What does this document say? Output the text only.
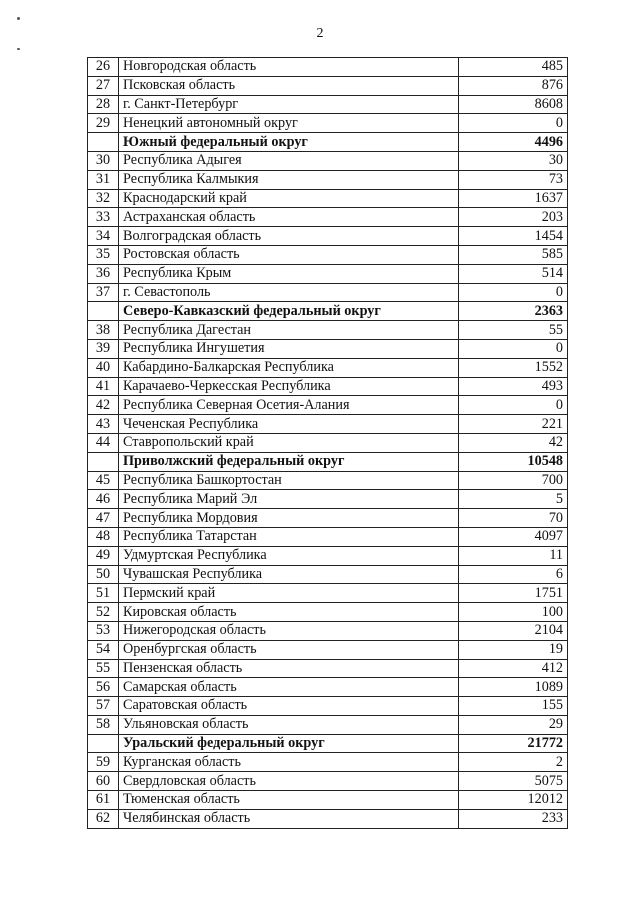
2
26	Новгородская область	485
27	Псковская область	876
28	г. Санкт-Петербург	8608
29	Ненецкий автономный округ	0
	Южный федеральный округ	4496
30	Республика Адыгея	30
31	Республика Калмыкия	73
32	Краснодарский край	1637
33	Астраханская область	203
34	Волгоградская область	1454
35	Ростовская область	585
36	Республика Крым	514
37	г. Севастополь	0
	Северо-Кавказский федеральный округ	2363
38	Республика Дагестан	55
39	Республика Ингушетия	0
40	Кабардино-Балкарская Республика	1552
41	Карачаево-Черкесская Республика	493
42	Республика Северная Осетия-Алания	0
43	Чеченская Республика	221
44	Ставропольский край	42
	Приволжский федеральный округ	10548
45	Республика Башкортостан	700
46	Республика Марий Эл	5
47	Республика Мордовия	70
48	Республика Татарстан	4097
49	Удмуртская Республика	11
50	Чувашская Республика	6
51	Пермский край	1751
52	Кировская область	100
53	Нижегородская область	2104
54	Оренбургская область	19
55	Пензенская область	412
56	Самарская область	1089
57	Саратовская область	155
58	Ульяновская область	29
	Уральский федеральный округ	21772
59	Курганская область	2
60	Свердловская область	5075
61	Тюменская область	12012
62	Челябинская область	233
